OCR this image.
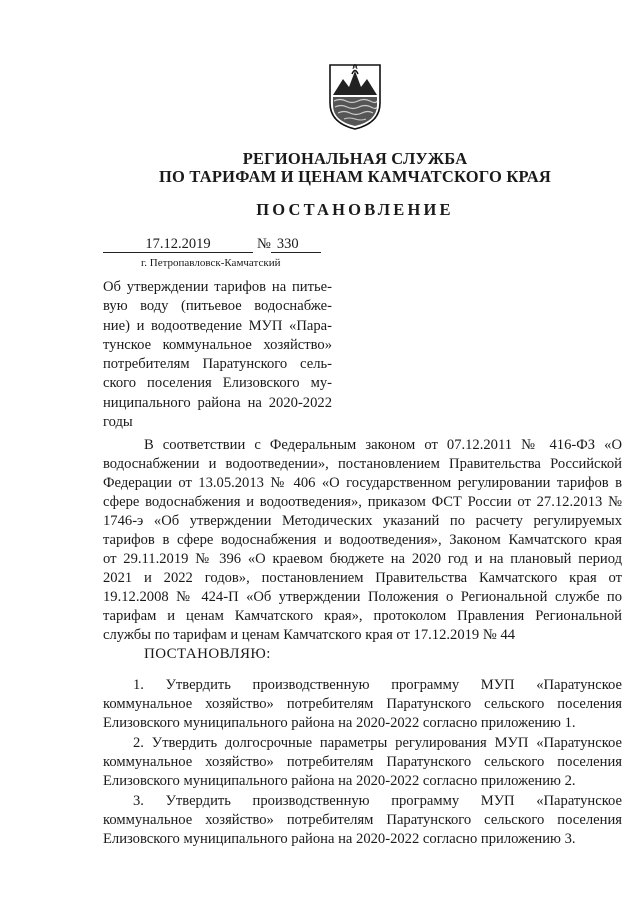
РЕГИОНАЛЬНАЯ СЛУЖБА
ПО ТАРИФАМ И ЦЕНАМ КАМЧАТСКОГО КРАЯ
ПОСТАНОВЛЕНИЕ
17.12.2019	№ 330
г. Петропавловск-Камчатский
Об утверждении тарифов на питье-
вую воду (питьевое водоснабже-
ние) и водоотведение МУП «Пара-
тунское коммунальное хозяйство»
потребителям Паратунского сель-
ского поселения Елизовского му-
ниципального района на 2020-2022
годы
В соответствии с Федеральным законом от 07.12.2011 № 416-ФЗ «О
водоснабжении и водоотведении», постановлением Правительства Российской
Федерации от 13.05.2013 № 406 «О государственном регулировании тарифов в
сфере водоснабжения и водоотведения», приказом ФСТ России от 27.12.2013 №
1746-э «Об утверждении Методических указаний по расчету регулируемых
тарифов в сфере водоснабжения и водоотведения», Законом Камчатского края
от 29.11.2019 № 396 «О краевом бюджете на 2020 год и на плановый период
2021 и 2022 годов», постановлением Правительства Камчатского края от
19.12.2008 № 424-П «Об утверждении Положения о Региональной службе по
тарифам и ценам Камчатского края», протоколом Правления Региональной
службы по тарифам и ценам Камчатского края от 17.12.2019 № 44
ПОСТАНОВЛЯЮ:
1. Утвердить производственную программу МУП «Паратунское
коммунальное хозяйство» потребителям Паратунского сельского поселения
Елизовского муниципального района на 2020-2022 согласно приложению 1.
2. Утвердить долгосрочные параметры регулирования МУП «Паратунское
коммунальное хозяйство» потребителям Паратунского сельского поселения
Елизовского муниципального района на 2020-2022 согласно приложению 2.
3. Утвердить производственную программу МУП «Паратунское
коммунальное хозяйство» потребителям Паратунского сельского поселения
Елизовского муниципального района на 2020-2022 согласно приложению 3.
